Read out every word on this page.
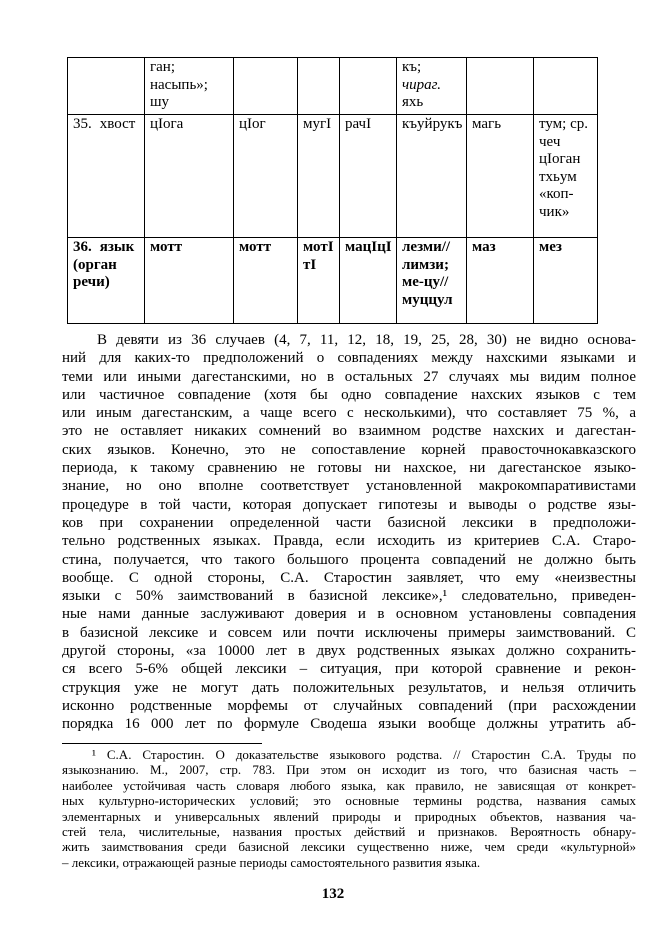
	ган; насыпь»; шу				къ; чираг. яхь		
35. хвост	цIога	цIог	мугI	рачI	къуйрукъ	магь	тум; ср. чеч цIоган тхьум «коп-чик»
36. язык (орган речи)	мотт	мотт	мотIтI	мацIцI	лезми//лимзи; ме-цу//муццул	маз	мез
В девяти из 36 случаев (4, 7, 11, 12, 18, 19, 25, 28, 30) не видно основа-
ний для каких-то предположений о совпадениях между нахскими языками и
теми или иными дагестанскими, но в остальных 27 случаях мы видим полное
или частичное совпадение (хотя бы одно совпадение нахских языков с тем
или иным дагестанским, а чаще всего с несколькими), что составляет 75 %, а
это не оставляет никаких сомнений во взаимном родстве нахских и дагестан-
ских языков. Конечно, это не сопоставление корней правосточнокавказского
периода, к такому сравнению не готовы ни нахское, ни дагестанское языко-
знание, но оно вполне соответствует установленной макрокомпаративистами
процедуре в той части, которая допускает гипотезы и выводы о родстве язы-
ков при сохранении определенной части базисной лексики в предположи-
тельно родственных языках. Правда, если исходить из критериев С.А. Старо-
стина, получается, что такого большого процента совпадений не должно быть
вообще. С одной стороны, С.А. Старостин заявляет, что ему «неизвестны
языки с 50% заимствований в базисной лексике»,¹ следовательно, приведен-
ные нами данные заслуживают доверия и в основном установлены совпадения
в базисной лексике и совсем или почти исключены примеры заимствований. С
другой стороны, «за 10000 лет в двух родственных языках должно сохранить-
ся всего 5-6% общей лексики – ситуация, при которой сравнение и рекон-
струкция уже не могут дать положительных результатов, и нельзя отличить
исконно родственные морфемы от случайных совпадений (при расхождении
порядка 16 000 лет по формуле Сводеша языки вообще должны утратить аб-
¹ С.А. Старостин. О доказательстве языкового родства. // Старостин С.А. Труды по
языкознанию. М., 2007, стр. 783. При этом он исходит из того, что базисная часть –
наиболее устойчивая часть словаря любого языка, как правило, не зависящая от конкрет-
ных культурно-исторических условий; это основные термины родства, названия самых
элементарных и универсальных явлений природы и природных объектов, названия ча-
стей тела, числительные, названия простых действий и признаков. Вероятность обнару-
жить заимствования среди базисной лексики существенно ниже, чем среди «культурной»
– лексики, отражающей разные периоды самостоятельного развития языка.
132
